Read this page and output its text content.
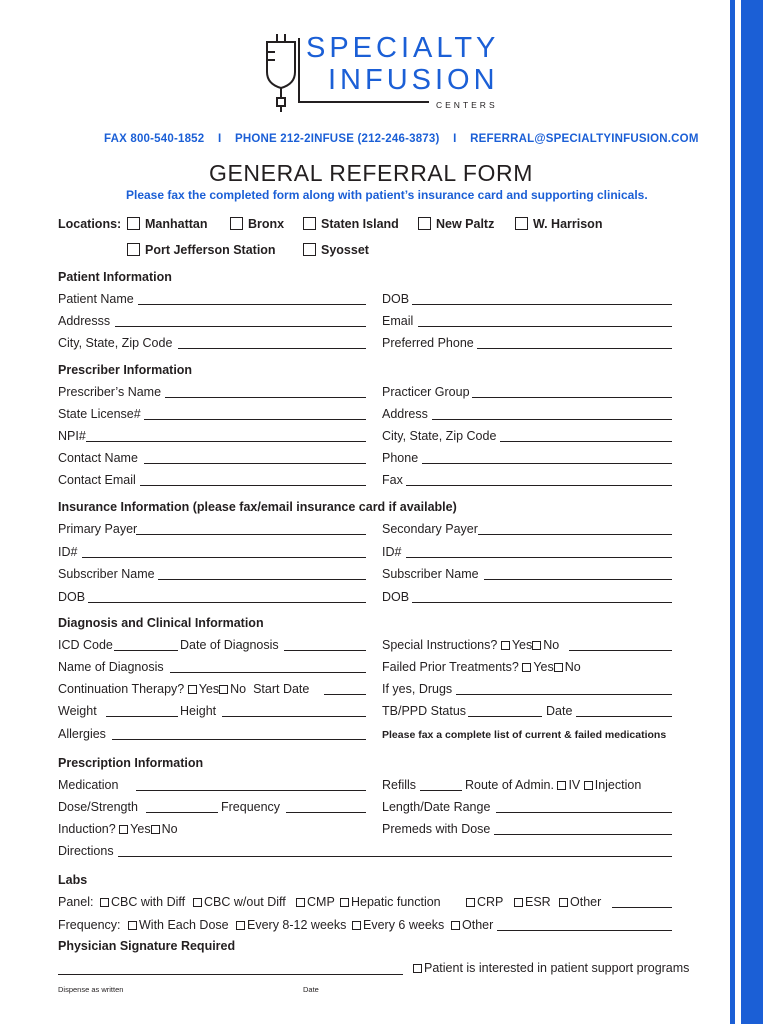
SPECIALTY
INFUSION
CENTERS
FAX 800-540-1852 I PHONE 212-2INFUSE (212-246-3873) I REFERRAL@SPECIALTYINFUSION.COM
GENERAL REFERRAL FORM
Please fax the completed form along with patient’s insurance card and supporting clinicals.
Locations:	Manhattan	Bronx	Staten Island	New Paltz	W. Harrison
Port Jefferson Station	Syosset
Patient Information
Patient Name	DOB
Addresss	Email
City, State, Zip Code	Preferred Phone
Prescriber Information
Prescriber’s Name	Practicer Group
State License#	Address
NPI#	City, State, Zip Code
Contact Name	Phone
Contact Email	Fax
Insurance Information (please fax/email insurance card if available)
Primary Payer	Secondary Payer
ID#	ID#
Subscriber Name	Subscriber Name
DOB	DOB
Diagnosis and Clinical Information
ICD Code	Date of Diagnosis	Special Instructions? Yes No
Name of Diagnosis	Failed Prior Treatments? Yes No
Continuation Therapy? Yes No Start Date	If yes, Drugs
Weight	Height	TB/PPD Status	Date
Allergies	Please fax a complete list of current & failed medications
Prescription Information
Medication	Refills	Route of Admin. IV Injection
Dose/Strength	Frequency	Length/Date Range
Induction? Yes No	Premeds with Dose
Directions
Labs
Panel:	CBC with Diff	CBC w/out Diff	CMP	Hepatic function	CRP	ESR	Other
Frequency:	With Each Dose	Every 8-12 weeks	Every 6 weeks	Other
Physician Signature Required
Patient is interested in patient support programs
Dispense as written	Date
